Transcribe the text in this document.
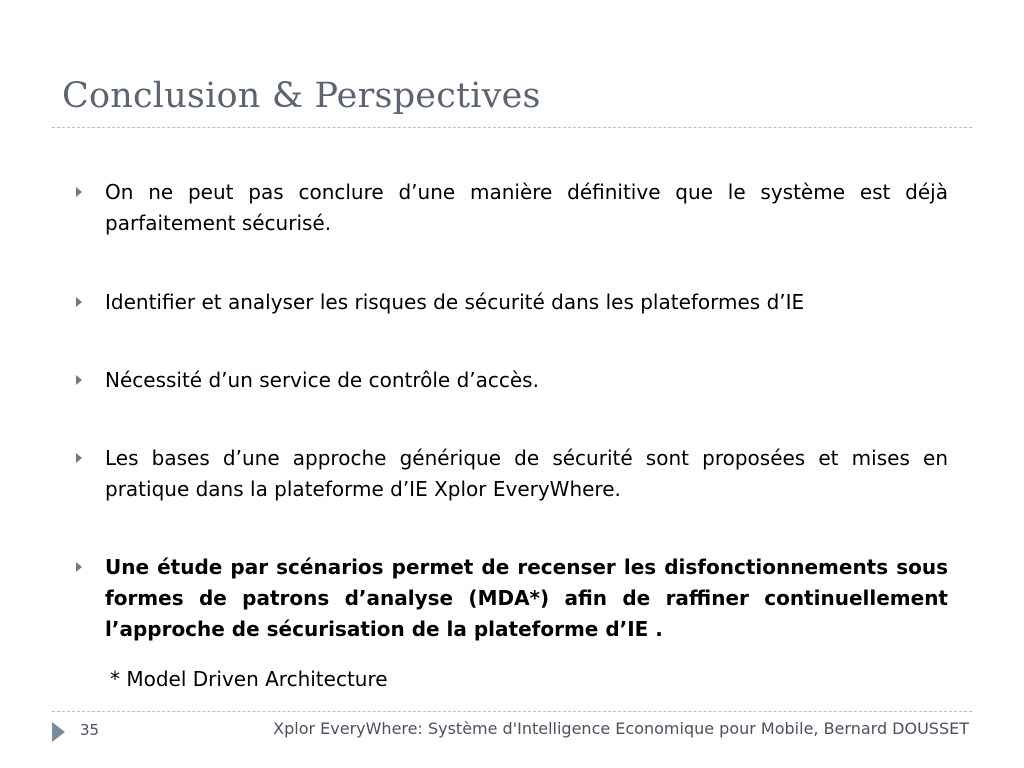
Conclusion & Perspectives
On ne peut pas conclure d’une manière définitive que le système est déjà parfaitement sécurisé.
Identifier et analyser les risques de sécurité dans les plateformes d’IE
Nécessité d’un service de contrôle d’accès.
Les bases d’une approche générique de sécurité sont proposées et mises en pratique dans la plateforme d’IE Xplor EveryWhere.
Une étude par scénarios permet de recenser les disfonctionnements sous formes de patrons d’analyse (MDA*) afin de raffiner continuellement l’approche de sécurisation de la plateforme d’IE .
* Model Driven Architecture
35	Xplor EveryWhere: Système d'Intelligence Economique pour Mobile, Bernard DOUSSET
